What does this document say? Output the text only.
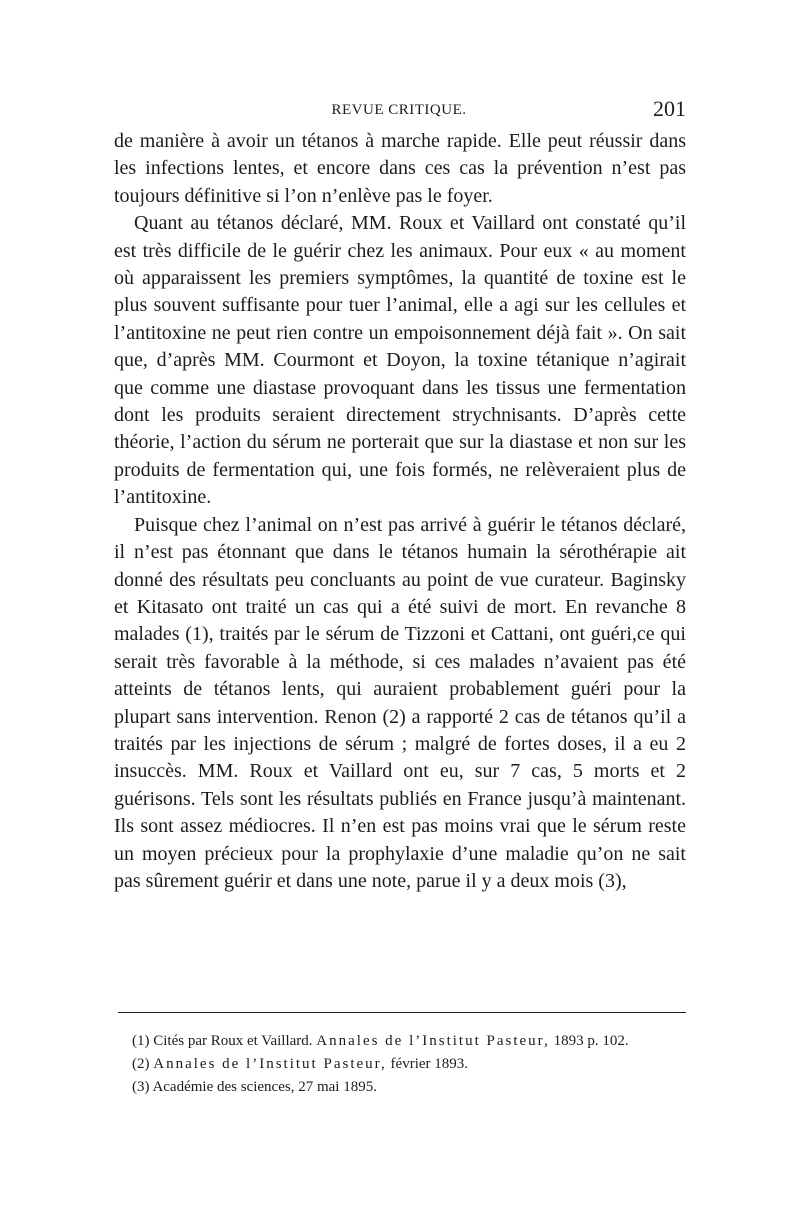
REVUE CRITIQUE.	201

de manière à avoir un tétanos à marche rapide. Elle peut réussir dans les infections lentes, et encore dans ces cas la prévention n’est pas toujours définitive si l’on n’enlève pas le foyer.

Quant au tétanos déclaré, MM. Roux et Vaillard ont constaté qu’il est très difficile de le guérir chez les animaux. Pour eux « au moment où apparaissent les premiers symptômes, la quantité de toxine est le plus souvent suffisante pour tuer l’animal, elle a agi sur les cellules et l’antitoxine ne peut rien contre un empoisonnement déjà fait ». On sait que, d’après MM. Courmont et Doyon, la toxine tétanique n’agirait que comme une diastase provoquant dans les tissus une fermentation dont les produits seraient directement strychnisants. D’après cette théorie, l’action du sérum ne porterait que sur la diastase et non sur les produits de fermentation qui, une fois formés, ne relèveraient plus de l’antitoxine.

Puisque chez l’animal on n’est pas arrivé à guérir le tétanos déclaré, il n’est pas étonnant que dans le tétanos humain la sérothérapie ait donné des résultats peu concluants au point de vue curateur. Baginsky et Kitasato ont traité un cas qui a été suivi de mort. En revanche 8 malades (1), traités par le sérum de Tizzoni et Cattani, ont guéri,ce qui serait très favorable à la méthode, si ces malades n’avaient pas été atteints de tétanos lents, qui auraient probablement guéri pour la plupart sans intervention. Renon (2) a rapporté 2 cas de tétanos qu’il a traités par les injections de sérum ; malgré de fortes doses, il a eu 2 insuccès. MM. Roux et Vaillard ont eu, sur 7 cas, 5 morts et 2 guérisons. Tels sont les résultats publiés en France jusqu’à maintenant. Ils sont assez médiocres. Il n’en est pas moins vrai que le sérum reste un moyen précieux pour la prophylaxie d’une maladie qu’on ne sait pas sûrement guérir et dans une note, parue il y a deux mois (3),

(1) Cités par Roux et Vaillard. Annales de l’Institut Pasteur, 1893 p. 102.

(2) Annales de l’Institut Pasteur, février 1893.

(3) Académie des sciences, 27 mai 1895.
